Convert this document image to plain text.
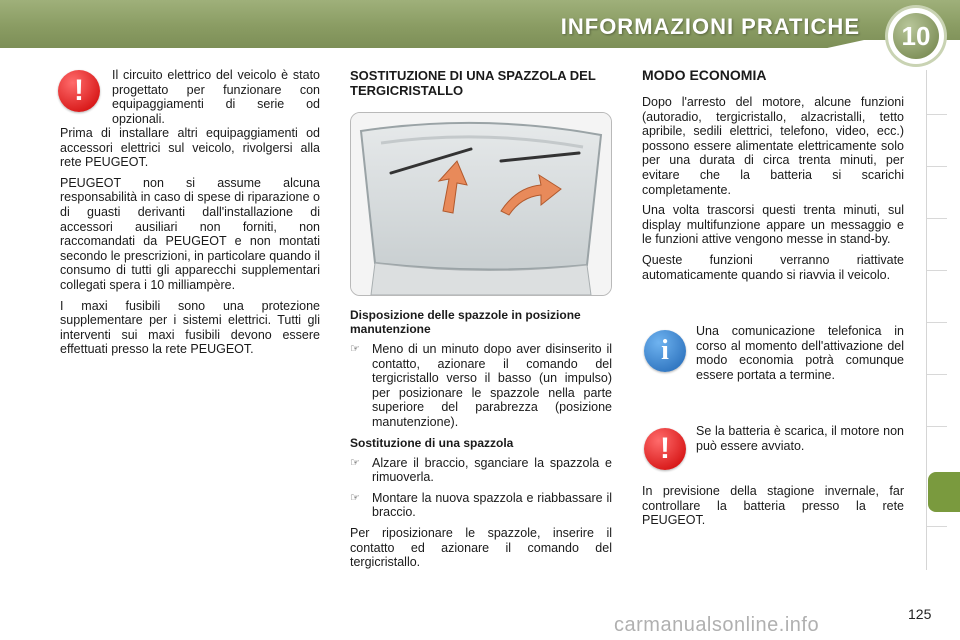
INFORMAZIONI PRATICHE	10
!	Il circuito elettrico del veicolo è stato progettato per funzionare con equipaggiamenti di serie od opzionali.

Prima di installare altri equipaggiamenti od accessori elettrici sul veicolo, rivolgersi alla rete PEUGEOT.

PEUGEOT non si assume alcuna responsabilità in caso di spese di riparazione o di guasti derivanti dall'installazione di accessori ausiliari non forniti, non raccomandati da PEUGEOT e non montati secondo le prescrizioni, in particolare quando il consumo di tutti gli apparecchi supplementari collegati spera i 10 milliampère.

I maxi fusibili sono una protezione supplementare per i sistemi elettrici. Tutti gli interventi sui maxi fusibili devono essere effettuati presso la rete PEUGEOT.

SOSTITUZIONE DI UNA SPAZZOLA DEL TERGICRISTALLO
Disposizione delle spazzole in posizione manutenzione
☞ Meno di un minuto dopo aver disinserito il contatto, azionare il comando del tergicristallo verso il basso (un impulso) per posizionare le spazzole nella parte superiore del parabrezza (posizione manutenzione).
Sostituzione di una spazzola
☞ Alzare il braccio, sganciare la spazzola e rimuoverla.
☞ Montare la nuova spazzola e riabbassare il braccio.

Per riposizionare le spazzole, inserire il contatto ed azionare il comando del tergicristallo.

MODO ECONOMIA

Dopo l'arresto del motore, alcune funzioni (autoradio, tergicristallo, alzacristalli, tetto apribile, sedili elettrici, telefono, video, ecc.) possono essere alimentate elettricamente solo per una durata di circa trenta minuti, per evitare che la batteria si scarichi completamente.

Una volta trascorsi questi trenta minuti, sul display multifunzione appare un messaggio e le funzioni attive vengono messe in stand-by.

Queste funzioni verranno riattivate automaticamente quando si riavvia il veicolo.

i

Una comunicazione telefonica in corso al momento dell'attivazione del modo economia potrà comunque essere portata a termine.

!

Se la batteria è scarica, il motore non può essere avviato.

In previsione della stagione invernale, far controllare la batteria presso la rete PEUGEOT.

carmanualsonline.info	125
